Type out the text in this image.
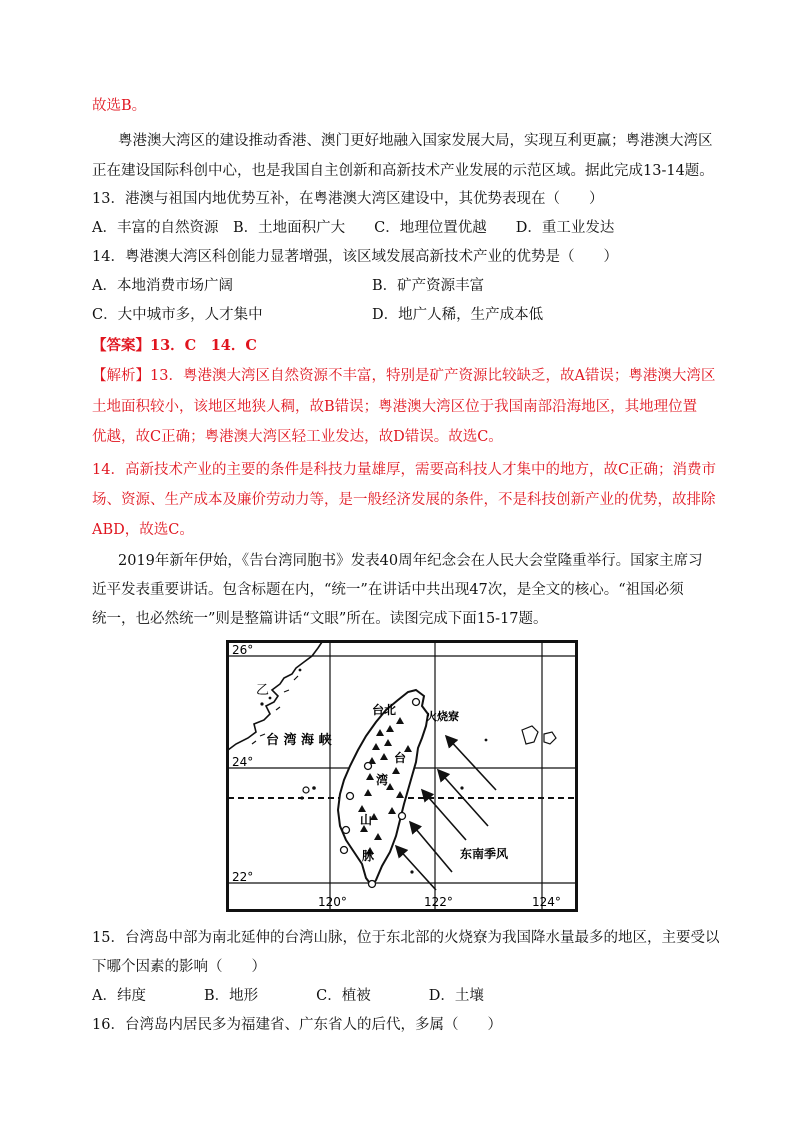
故选B。
粤港澳大湾区的建设推动香港、澳门更好地融入国家发展大局，实现互利更赢；粤港澳大湾区
正在建设国际科创中心，也是我国自主创新和高新技术产业发展的示范区域。据此完成13-14题。
13．港澳与祖国内地优势互补，在粤港澳大湾区建设中，其优势表现在（　　）
A．丰富的自然资源　B．土地面积广大　　C．地理位置优越　　D．重工业发达
14．粤港澳大湾区科创能力显著增强，该区域发展高新技术产业的优势是（　　）
A．本地消费市场广阔	B．矿产资源丰富
C．大中城市多，人才集中	D．地广人稀，生产成本低
【答案】13．C　14．C
【解析】13．粤港澳大湾区自然资源不丰富，特别是矿产资源比较缺乏，故A错误；粤港澳大湾区
土地面积较小，该地区地狭人稠，故B错误；粤港澳大湾区位于我国南部沿海地区，其地理位置
优越，故C正确；粤港澳大湾区轻工业发达，故D错误。故选C。
14．高新技术产业的主要的条件是科技力量雄厚，需要高科技人才集中的地方，故C正确；消费市
场、资源、生产成本及廉价劳动力等，是一般经济发展的条件，不是科技创新产业的优势，故排除
ABD，故选C。
2019年新年伊始，《告台湾同胞书》发表40周年纪念会在人民大会堂隆重举行。国家主席习
近平发表重要讲话。包含标题在内，“统一”在讲话中共出现47次，是全文的核心。“祖国必须
统一，也必然统一”则是整篇讲话“文眼”所在。读图完成下面15-17题。
26°
24°
22°
120°	122°	124°
乙
台 湾 海 峡
台北	火烧寮
台
湾
山
脉	东南季风
15．台湾岛中部为南北延伸的台湾山脉，位于东北部的火烧寮为我国降水量最多的地区，主要受以
下哪个因素的影响（　　）
A．纬度　　　　B．地形　　　　C．植被　　　　D．土壤
16．台湾岛内居民多为福建省、广东省人的后代，多属（　　）
